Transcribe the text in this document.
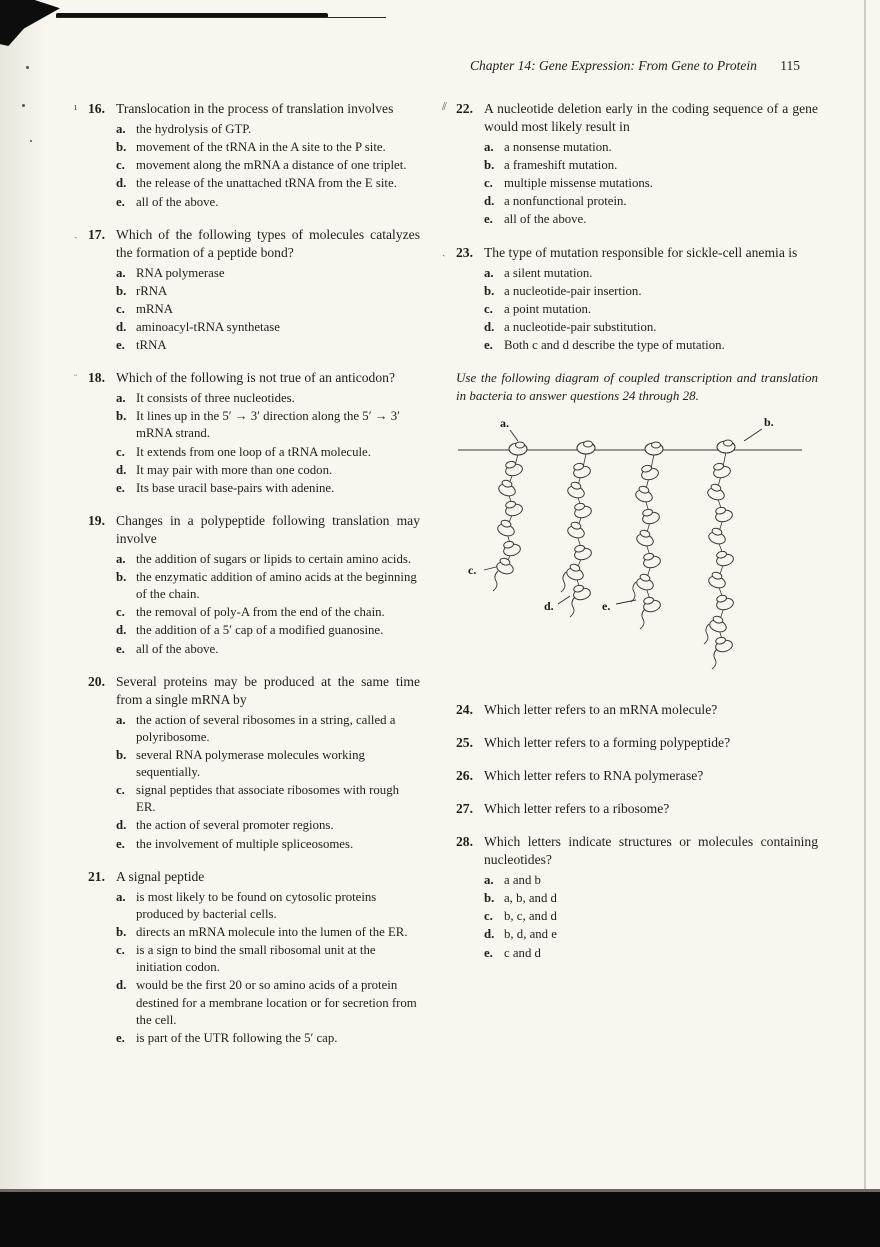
Chapter 14: Gene Expression: From Gene to Protein 115
ı 16. Translocation in the process of translation involves
a. the hydrolysis of GTP.
b. movement of the tRNA in the A site to the P site.
c. movement along the mRNA a distance of one triplet.
d. the release of the unattached tRNA from the E site.
e. all of the above.
ˏ 17. Which of the following types of molecules catalyzes the formation of a peptide bond?
a. RNA polymerase
b. rRNA
c. mRNA
d. aminoacyl-tRNA synthetase
e. tRNA
ᵕ 18. Which of the following is not true of an anticodon?
a. It consists of three nucleotides.
b. It lines up in the 5′ → 3′ direction along the 5′ → 3′ mRNA strand.
c. It extends from one loop of a tRNA molecule.
d. It may pair with more than one codon.
e. Its base uracil base-pairs with adenine.
19. Changes in a polypeptide following translation may involve
a. the addition of sugars or lipids to certain amino acids.
b. the enzymatic addition of amino acids at the beginning of the chain.
c. the removal of poly-A from the end of the chain.
d. the addition of a 5′ cap of a modified guanosine.
e. all of the above.
20. Several proteins may be produced at the same time from a single mRNA by
a. the action of several ribosomes in a string, called a polyribosome.
b. several RNA polymerase molecules working sequentially.
c. signal peptides that associate ribosomes with rough ER.
d. the action of several promoter regions.
e. the involvement of multiple spliceosomes.
21. A signal peptide
a. is most likely to be found on cytosolic proteins produced by bacterial cells.
b. directs an mRNA molecule into the lumen of the ER.
c. is a sign to bind the small ribosomal unit at the initiation codon.
d. would be the first 20 or so amino acids of a protein destined for a membrane location or for secretion from the cell.
e. is part of the UTR following the 5′ cap.
⫽ 22. A nucleotide deletion early in the coding sequence of a gene would most likely result in
a. a nonsense mutation.
b. a frameshift mutation.
c. multiple missense mutations.
d. a nonfunctional protein.
e. all of the above.
ˏ 23. The type of mutation responsible for sickle-cell anemia is
a. a silent mutation.
b. a nucleotide-pair insertion.
c. a point mutation.
d. a nucleotide-pair substitution.
e. Both c and d describe the type of mutation.

Use the following diagram of coupled transcription and translation in bacteria to answer questions 24 through 28.

a.	b.
c.
d.	e.
24. Which letter refers to an mRNA molecule?
25. Which letter refers to a forming polypeptide?
26. Which letter refers to RNA polymerase?
27. Which letter refers to a ribosome?
28. Which letters indicate structures or molecules containing nucleotides?
a. a and b
b. a, b, and d
c. b, c, and d
d. b, d, and e
e. c and d
